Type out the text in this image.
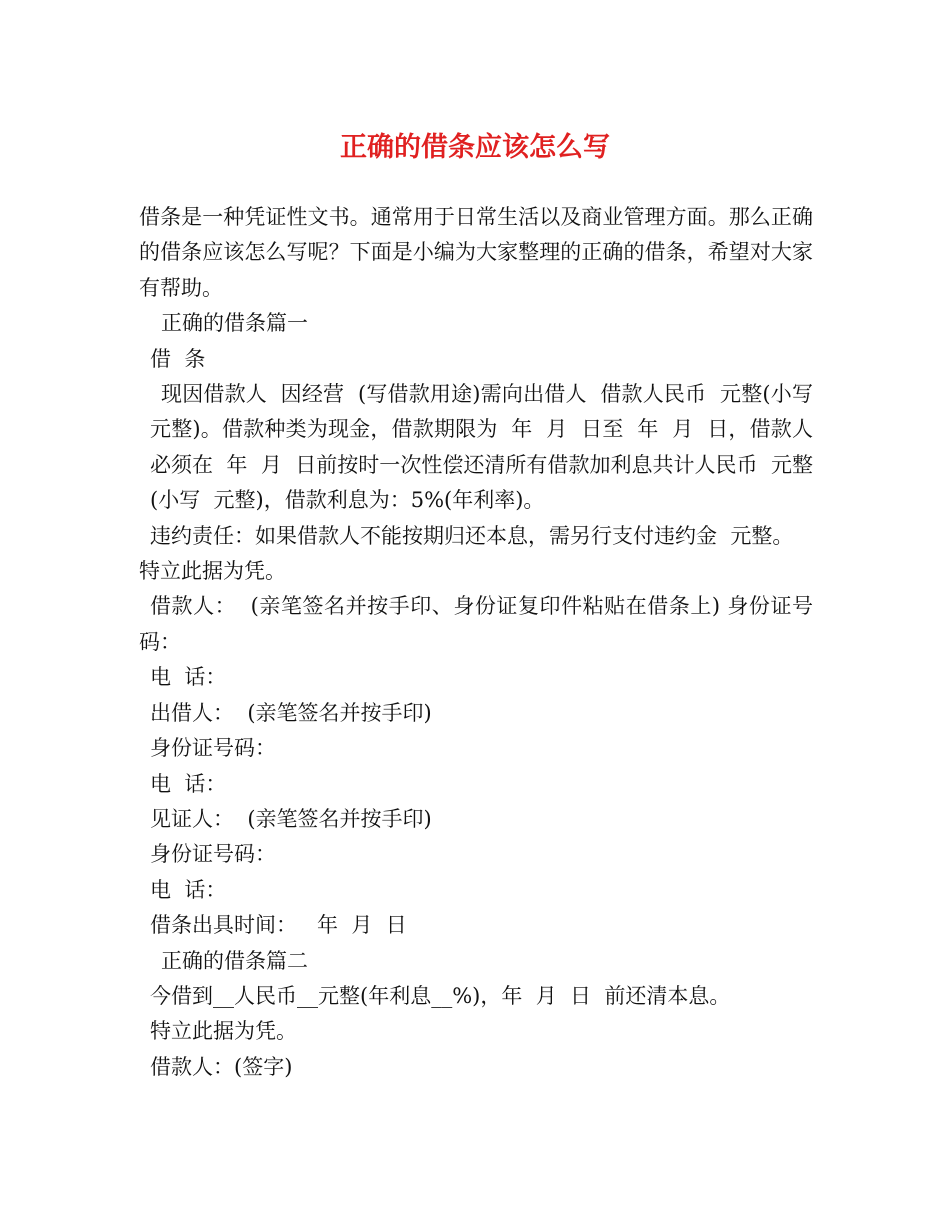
正确的借条应该怎么写

借条是一种凭证性文书。通常用于日常生活以及商业管理方面。那么正确的借条应该怎么写呢？下面是小编为大家整理的正确的借条，希望对大家有帮助。

正确的借条篇一

借  条

现因借款人  因经营  (写借款用途)需向出借人  借款人民币  元整(小写  元整)。借款种类为现金，借款期限为  年  月  日至  年  月  日，借款人必须在  年  月  日前按时一次性偿还清所有借款加利息共计人民币  元整(小写  元整)，借款利息为：5%(年利率)。

违约责任：如果借款人不能按期归还本息，需另行支付违约金  元整。特立此据为凭。

借款人：  (亲笔签名并按手印、身份证复印件粘贴在借条上) 身份证号码：

电  话：

出借人：  (亲笔签名并按手印)

身份证号码：

电  话：

见证人：  (亲笔签名并按手印)

身份证号码：

电  话：

借条出具时间：   年  月  日

正确的借条篇二

今借到__人民币__元整(年利息__%)，年  月  日  前还清本息。

特立此据为凭。

借款人：(签字)
